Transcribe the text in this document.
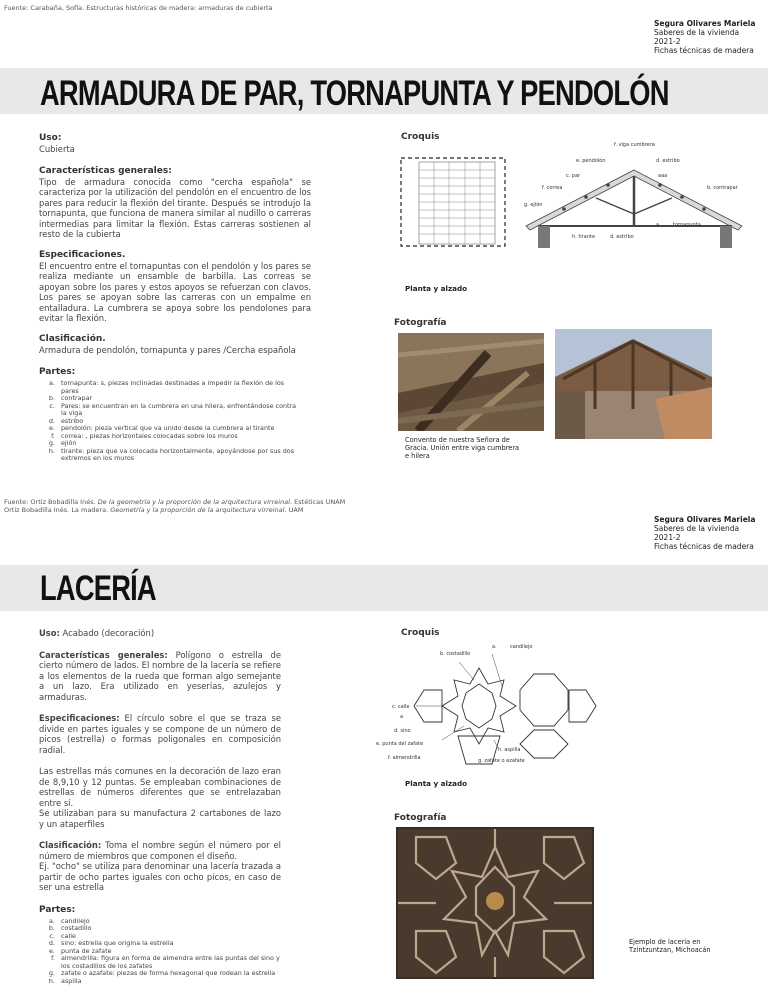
Fuente: Carabaña, Sofía. Estructuras históricas de madera: armaduras de cubierta
Segura Olivares Mariela
Saberes de la vivienda
2021-2
Fichas técnicas de madera
ARMADURA DE PAR, TORNAPUNTA Y PENDOLÓN
Uso:
Cubierta
Características generales:
Tipo de armadura conocida como "cercha española" se caracteriza por la utilización del pendolón en el encuentro de los pares para reducir la flexión del tirante. Después se introdujo la tornapunta, que funciona de manera similar al nudillo o carreras intermedias para limitar la flexión. Estas carreras sostienen al resto de la cubierta
Especificaciones.
El encuentro entre el tornapuntas con el pendolón y los pares se realiza mediante un ensamble de barbilla. Las correas se apoyan sobre los pares y estos apoyos se refuerzan con clavos. Los pares se apoyan sobre las carreras con un empalme en entalladura. La cumbrera se apoya sobre los pendolones para evitar la flexión.
Clasificación.
Armadura de pendolón, tornapunta y pares /Cercha española
Partes:
a. tornapunta: s, piezas inclinadas destinadas a impedir la flexión de los pares
b. contrapar
c. Pares: se encuentran en la cumbrera en una hilera, enfrentándose contra la viga
d. estribo
e. pendolón: pieza vertical que va unido desde la cumbrera al tirante
f. correa: , piezas horizontales colocadas sobre los muros
g. ejión
h. tirante: pieza que va colocada horizontalmente, apoyándose por sus dos extremos en los muros
Croquis
f. viga cumbrera
e. pendolón	d. estribo
c. par	aaa
f. correa	b. contrapar
g. ejión
a. tornapunta
h. tirante	d. estribo
Planta y alzado
Fotografía
Convento de nuestra Señora de Gracia. Unión entre viga cumbrera e hilera
Fuente: Ortiz Bobadilla Inés. De la geometría y la proporción de la arquitectura virreinal. Estéticas UNAM
Ortiz Bobadilla Inés. La madera. Geometría y la proporción de la arquitectura virreinal. UAM
Segura Olivares Mariela
Saberes de la vivienda
2021-2
Fichas técnicas de madera
LACERÍA
Uso: Acabado (decoración)
Características generales: Polígono o estrella de cierto número de lados. El nombre de la lacería se refiere a los elementos de la rueda que forman algo semejante a un lazo. Era utilizado en yeserías, azulejos y armaduras.
Especificaciones: El círculo sobre el que se traza se divide en partes iguales y se compone de un número de picos (estrella) o formas poligonales en composición radial.
Las estrellas más comunes en la decoración de lazo eran de 8,9,10 y 12 puntas. Se empleaban combinaciones de estrellas de números diferentes que se entrelazaban entre sí.
Se utilizaban para su manufactura 2 cartabones de lazo y un ataperfiles
Clasificación: Toma el nombre según el número por el número de miembros que componen el diseño.
Ej. "ocho" se utiliza para denominar una lacería trazada a partir de ocho partes iguales con ocho picos, en caso de ser una estrella
Partes:
a. candilejo
b. costadillo
c. calle
d. sino: estrella que origina la estrella
e. punta de zafate
f. almendrilla: figura en forma de almendra entre las puntas del sino y los costadillos de los zafates
g. zafate o azafate: piezas de forma hexagonal que rodean la estrella
h. aspilla
Croquis
a.	candilejo
b. costadillo
c. calle
a
d. sino
e. punta del zafate
f. almendrilla
h. aspilla
g. zafate o azafate
Planta y alzado
Fotografía
Ejemplo de lacería en Tzintzuntzan, Michoacán
